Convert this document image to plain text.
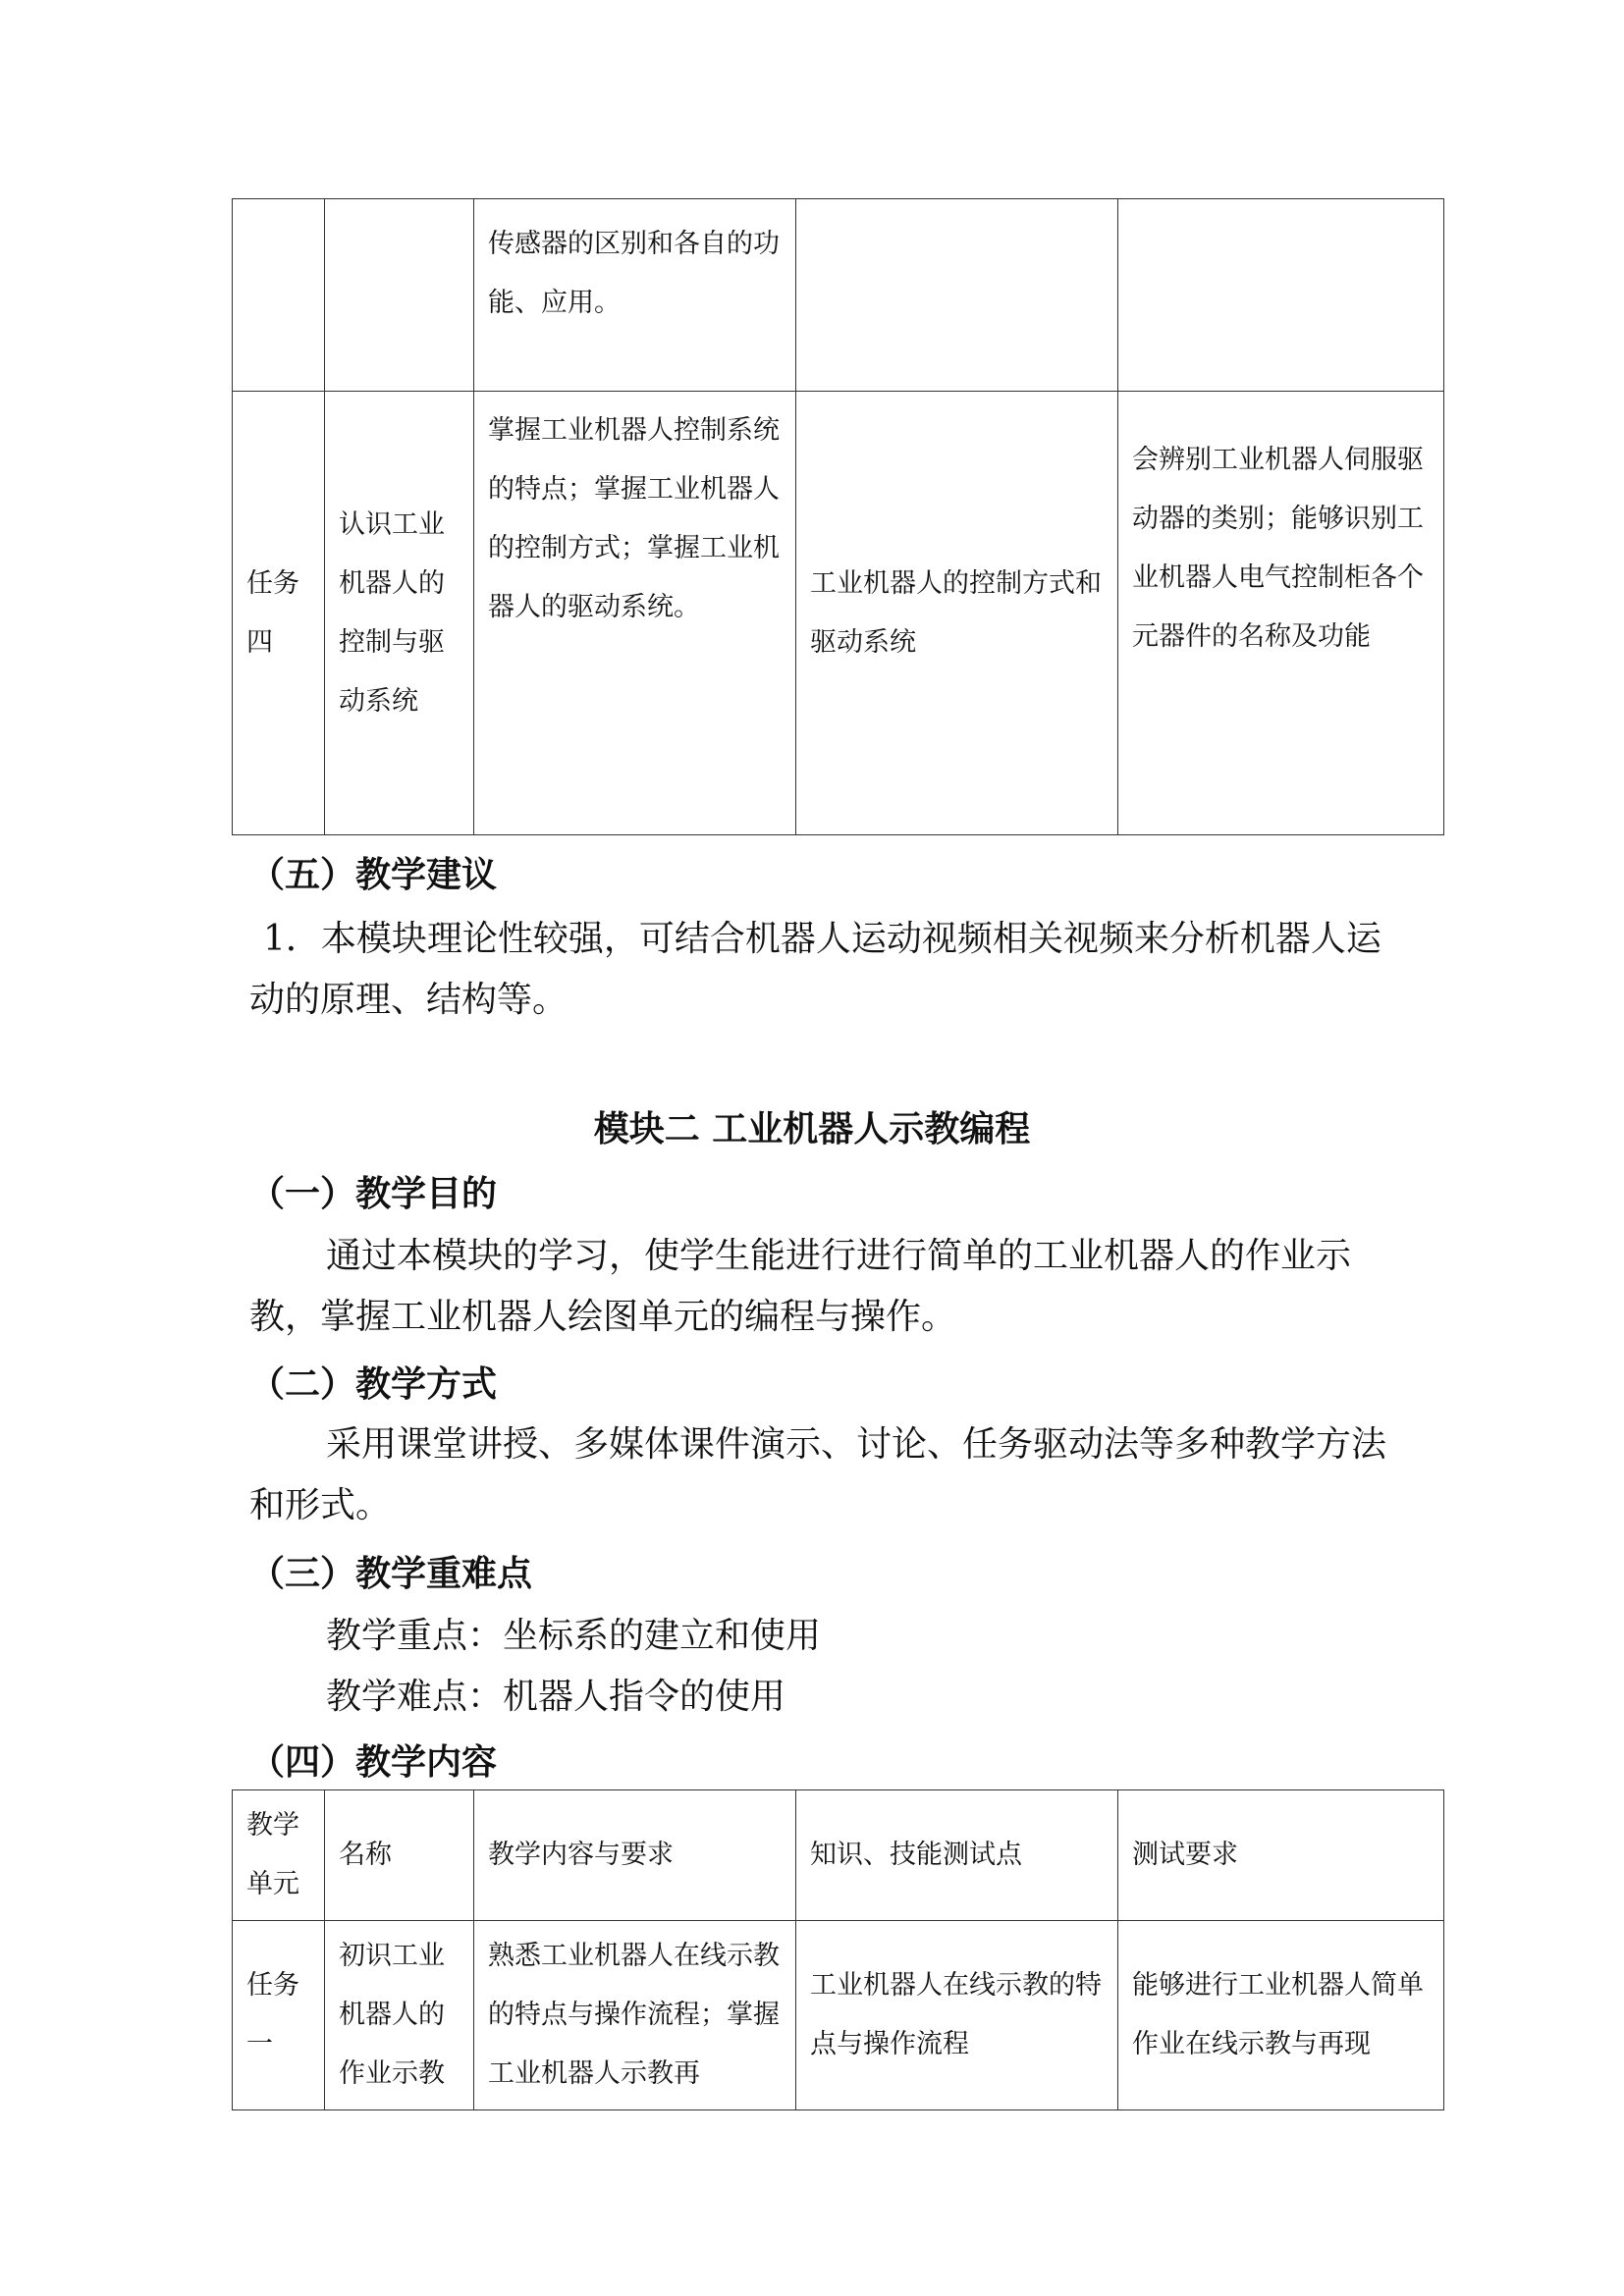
		传感器的区别和各自的功能、应用。		
任务四	认识工业机器人的控制与驱动系统	掌握工业机器人控制系统的特点；掌握工业机器人的控制方式；掌握工业机器人的驱动系统。	工业机器人的控制方式和驱动系统	会辨别工业机器人伺服驱动器的类别；能够识别工业机器人电气控制柜各个元器件的名称及功能
（五）教学建议
1．本模块理论性较强，可结合机器人运动视频相关视频来分析机器人运动的原理、结构等。
模块二 工业机器人示教编程
（一）教学目的
通过本模块的学习，使学生能进行进行简单的工业机器人的作业示教，掌握工业机器人绘图单元的编程与操作。
（二）教学方式
采用课堂讲授、多媒体课件演示、讨论、任务驱动法等多种教学方法和形式。
（三）教学重难点
教学重点：坐标系的建立和使用
教学难点：机器人指令的使用
（四）教学内容
教学单元	名称	教学内容与要求	知识、技能测试点	测试要求
任务一	初识工业机器人的作业示教	熟悉工业机器人在线示教的特点与操作流程；掌握工业机器人示教再	工业机器人在线示教的特点与操作流程	能够进行工业机器人简单作业在线示教与再现
